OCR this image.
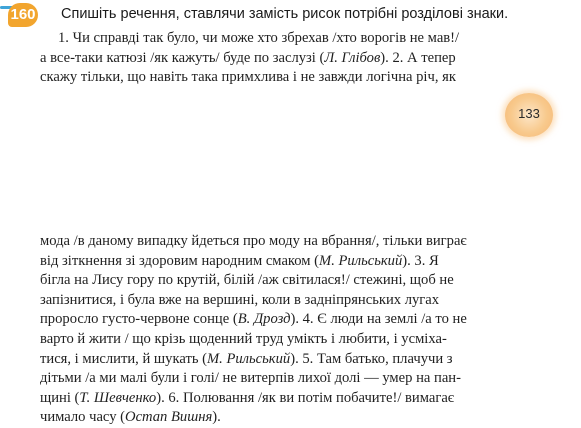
160 Спишіть речення, ставлячи замість рисок потрібні розділові знаки.

1. Чи справді так було, чи може хто збрехав /хто ворогів не мав!/

а все-таки катюзі /як кажуть/ буде по заслузі (Л. Глібов). 2. А тепер

скажу тільки, що навіть така примхлива і не завжди логічна річ, як

133

мода /в даному випадку йдеться про моду на вбрання/, тільки виграє

від зіткнення зі здоровим народним смаком (М. Рильський). 3. Я

бігла на Лису гору по крутій, білій /аж світилася!/ стежині, щоб не

запізнитися, і була вже на вершині, коли в задніпрянських лугах

проросло густо-червоне сонце (В. Дрозд). 4. Є люди на землі /а то не

варто й жити / що крізь щоденний труд умікть і любити, і усміха-

тися, і мислити, й шукать (М. Рильський). 5. Там батько, плачучи з

дітьми /а ми малі були і голі/ не витерпів лихої долі — умер на пан-

щині (Т. Шевченко). 6. Полювання /як ви потім побачите!/ вимагає

чимало часу (Остап Вишня).
